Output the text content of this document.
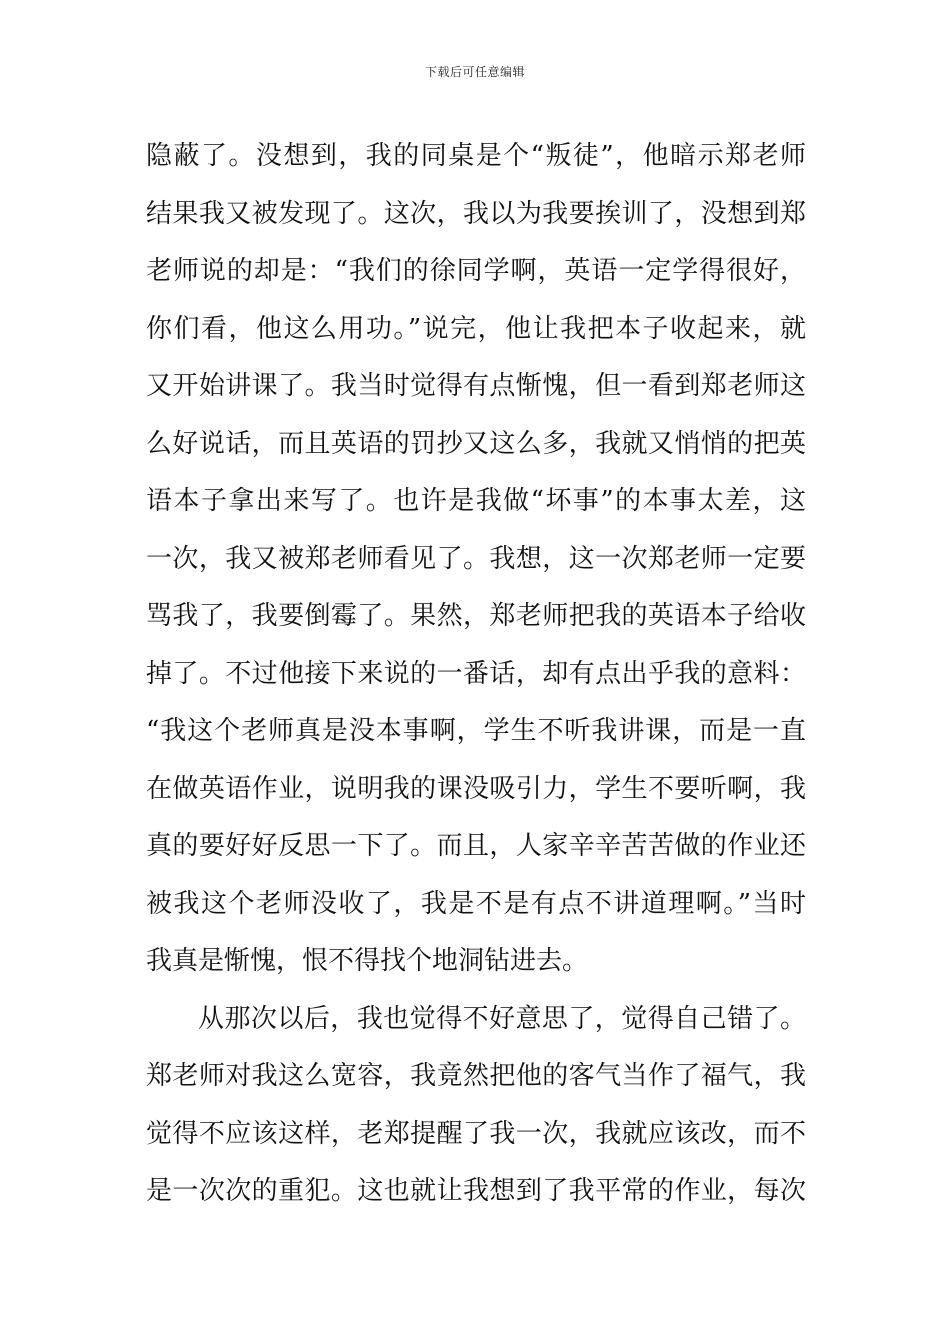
下载后可任意编辑
隐蔽了。没想到，我的同桌是个“叛徒”，他暗示郑老师
结果我又被发现了。这次，我以为我要挨训了，没想到郑
老师说的却是：“我们的徐同学啊，英语一定学得很好，
你们看，他这么用功。”说完，他让我把本子收起来，就
又开始讲课了。我当时觉得有点惭愧，但一看到郑老师这
么好说话，而且英语的罚抄又这么多，我就又悄悄的把英
语本子拿出来写了。也许是我做“坏事”的本事太差，这
一次，我又被郑老师看见了。我想，这一次郑老师一定要
骂我了，我要倒霉了。果然，郑老师把我的英语本子给收
掉了。不过他接下来说的一番话，却有点出乎我的意料：
“我这个老师真是没本事啊，学生不听我讲课，而是一直
在做英语作业，说明我的课没吸引力，学生不要听啊，我
真的要好好反思一下了。而且，人家辛辛苦苦做的作业还
被我这个老师没收了，我是不是有点不讲道理啊。”当时
我真是惭愧，恨不得找个地洞钻进去。
从那次以后，我也觉得不好意思了，觉得自己错了。
郑老师对我这么宽容，我竟然把他的客气当作了福气，我
觉得不应该这样，老郑提醒了我一次，我就应该改，而不
是一次次的重犯。这也就让我想到了我平常的作业，每次
